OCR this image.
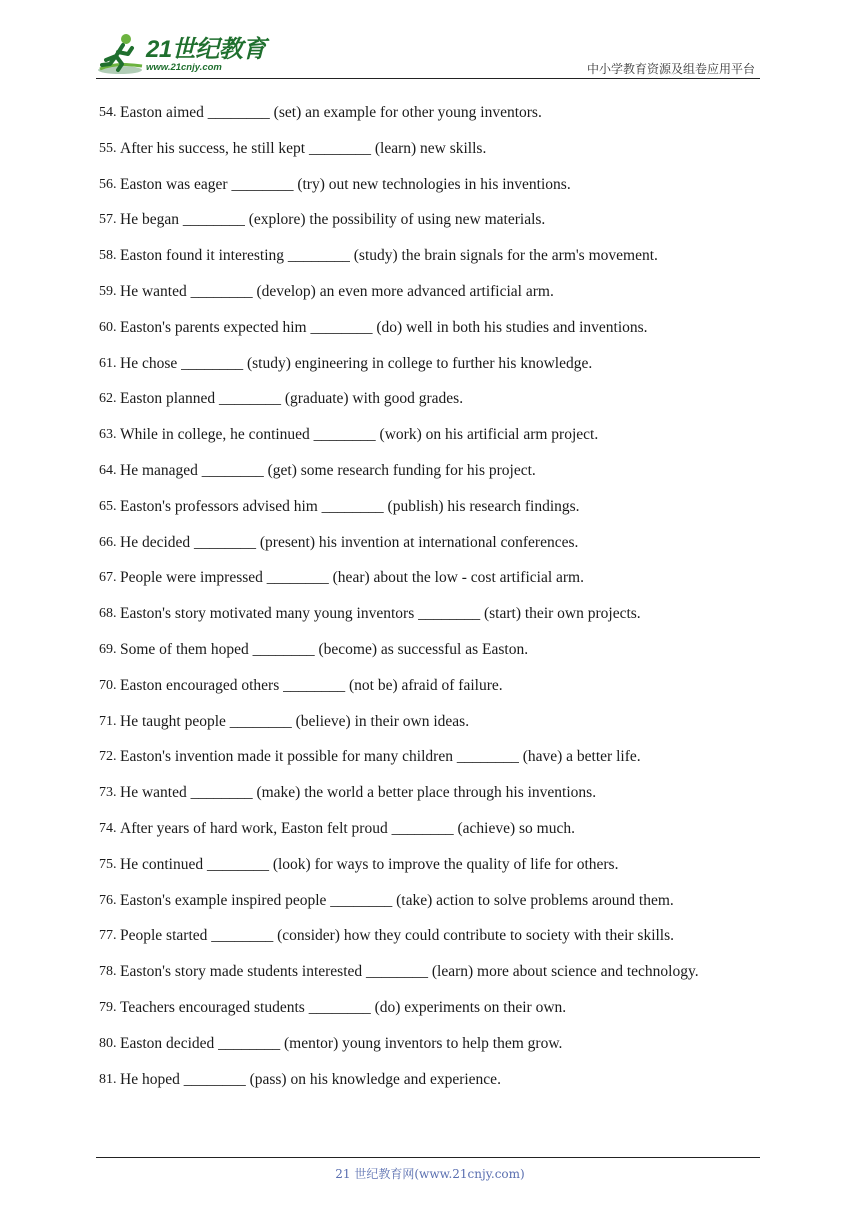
21世纪教育
www.21cnjy.com	中小学教育资源及组卷应用平台
54. Easton aimed ________ (set) an example for other young inventors.
55. After his success, he still kept ________ (learn) new skills.
56. Easton was eager ________ (try) out new technologies in his inventions.
57. He began ________ (explore) the possibility of using new materials.
58. Easton found it interesting ________ (study) the brain signals for the arm's movement.
59. He wanted ________ (develop) an even more advanced artificial arm.
60. Easton's parents expected him ________ (do) well in both his studies and inventions.
61. He chose ________ (study) engineering in college to further his knowledge.
62. Easton planned ________ (graduate) with good grades.
63. While in college, he continued ________ (work) on his artificial arm project.
64. He managed ________ (get) some research funding for his project.
65. Easton's professors advised him ________ (publish) his research findings.
66. He decided ________ (present) his invention at international conferences.
67. People were impressed ________ (hear) about the low - cost artificial arm.
68. Easton's story motivated many young inventors ________ (start) their own projects.
69. Some of them hoped ________ (become) as successful as Easton.
70. Easton encouraged others ________ (not be) afraid of failure.
71. He taught people ________ (believe) in their own ideas.
72. Easton's invention made it possible for many children ________ (have) a better life.
73. He wanted ________ (make) the world a better place through his inventions.
74. After years of hard work, Easton felt proud ________ (achieve) so much.
75. He continued ________ (look) for ways to improve the quality of life for others.
76. Easton's example inspired people ________ (take) action to solve problems around them.
77. People started ________ (consider) how they could contribute to society with their skills.
78. Easton's story made students interested ________ (learn) more about science and technology.
79. Teachers encouraged students ________ (do) experiments on their own.
80. Easton decided ________ (mentor) young inventors to help them grow.
81. He hoped ________ (pass) on his knowledge and experience.
21 世纪教育网(www.21cnjy.com)
